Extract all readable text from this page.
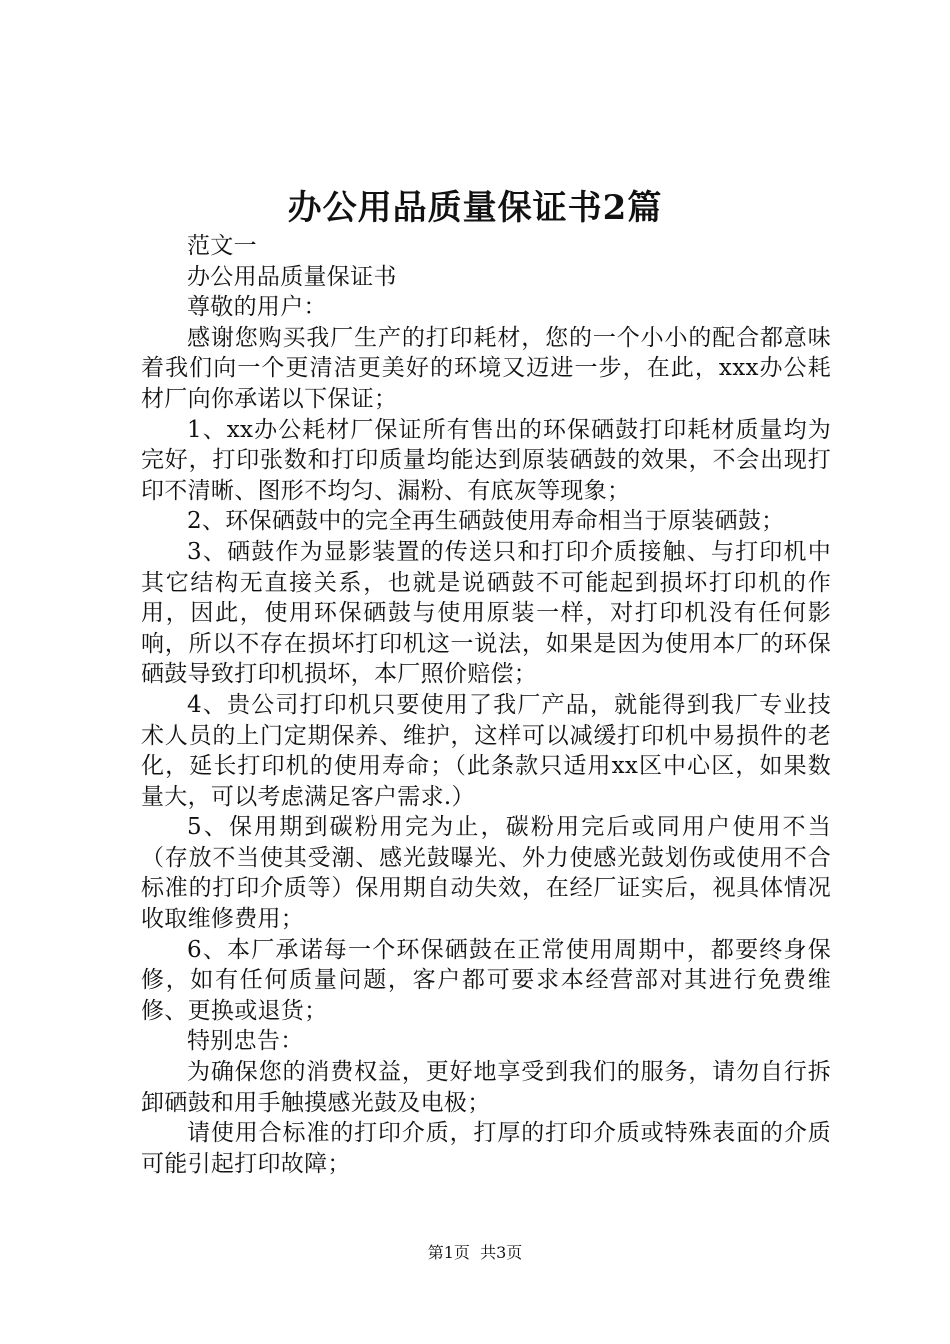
办公用品质量保证书2篇

范文一

办公用品质量保证书

尊敬的用户：

感谢您购买我厂生产的打印耗材，您的一个小小的配合都意味着我们向一个更清洁更美好的环境又迈进一步，在此，xxx办公耗材厂向你承诺以下保证；

1、xx办公耗材厂保证所有售出的环保硒鼓打印耗材质量均为完好，打印张数和打印质量均能达到原装硒鼓的效果，不会出现打印不清晰、图形不均匀、漏粉、有底灰等现象；

2、环保硒鼓中的完全再生硒鼓使用寿命相当于原装硒鼓；

3、硒鼓作为显影装置的传送只和打印介质接触、与打印机中其它结构无直接关系，也就是说硒鼓不可能起到损坏打印机的作用，因此，使用环保硒鼓与使用原装一样，对打印机没有任何影响，所以不存在损坏打印机这一说法，如果是因为使用本厂的环保硒鼓导致打印机损坏，本厂照价赔偿；

4、贵公司打印机只要使用了我厂产品，就能得到我厂专业技术人员的上门定期保养、维护，这样可以减缓打印机中易损件的老化，延长打印机的使用寿命；（此条款只适用xx区中心区，如果数量大，可以考虑满足客户需求.）

5、保用期到碳粉用完为止，碳粉用完后或同用户使用不当（存放不当使其受潮、感光鼓曝光、外力使感光鼓划伤或使用不合标准的打印介质等）保用期自动失效，在经厂证实后，视具体情况收取维修费用；

6、本厂承诺每一个环保硒鼓在正常使用周期中，都要终身保修，如有任何质量问题，客户都可要求本经营部对其进行免费维修、更换或退货；

特别忠告：

为确保您的消费权益，更好地享受到我们的服务，请勿自行拆卸硒鼓和用手触摸感光鼓及电极；

请使用合标准的打印介质，打厚的打印介质或特殊表面的介质可能引起打印故障；

第1页  共3页
